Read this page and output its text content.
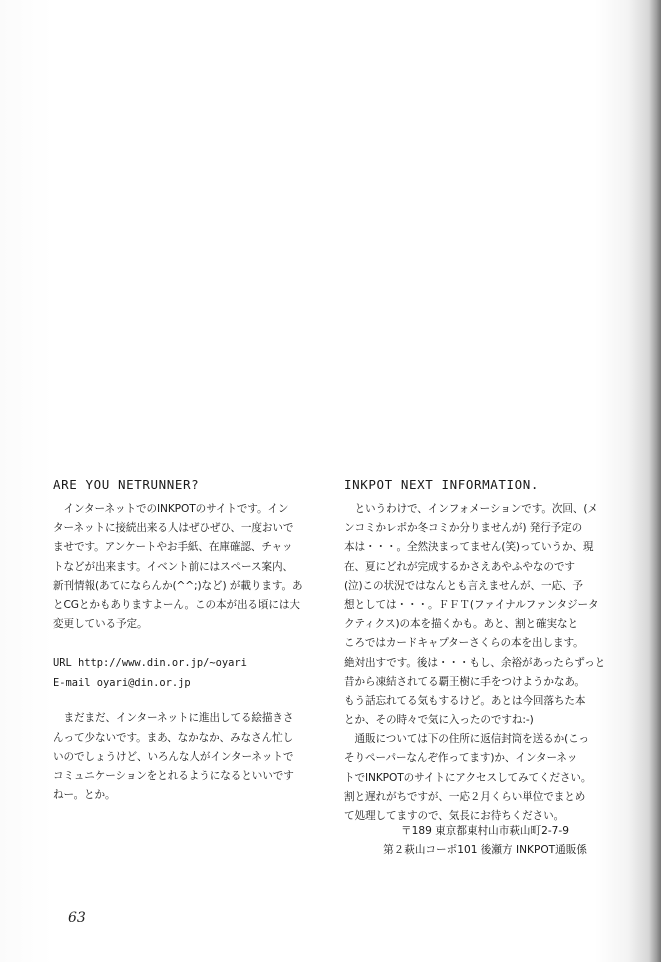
ARE YOU NETRUNNER?
　インターネットでのINKPOTのサイトです。イン
ターネットに接続出来る人はぜひぜひ、一度おいで
ませです。アンケートやお手紙、在庫確認、チャッ
トなどが出来ます。イベント前にはスペース案内、
新刊情報(あてにならんか(^^;)など) が載ります。あ
とCGとかもありますよーん。この本が出る頃には大
変更している予定。
URL http://www.din.or.jp/~oyari
E-mail oyari@din.or.jp
　まだまだ、インターネットに進出してる絵描きさ
んって少ないです。まあ、なかなか、みなさん忙し
いのでしょうけど、いろんな人がインターネットで
コミュニケーションをとれるようになるといいです
ねー。とか。
INKPOT NEXT INFORMATION.
　というわけで、インフォメーションです。次回、(メ
ンコミかレポか冬コミか分りませんが) 発行予定の
本は・・・。全然決まってません(笑)っていうか、現
在、夏にどれが完成するかさえあやふやなのです
(泣)この状況ではなんとも言えませんが、一応、予
想としては・・・。ＦＦＴ(ファイナルファンタジータ
クティクス)の本を描くかも。あと、割と確実なと
ころではカードキャプターさくらの本を出します。
絶対出すです。後は・・・もし、余裕があったらずっと
昔から凍結されてる覇王樹に手をつけようかなあ。
もう話忘れてる気もするけど。あとは今回落ちた本
とか、その時々で気に入ったのですね:-)
　通販については下の住所に返信封筒を送るか(こっ
そりペーパーなんぞ作ってます)か、インターネッ
トでINKPOTのサイトにアクセスしてみてください。
割と遅れがちですが、一応２月くらい単位でまとめ
て処理してますので、気長にお待ちください。
〒189 東京都東村山市萩山町2-7-9
第２萩山コーポ101 後瀬方 INKPOT通販係
63
